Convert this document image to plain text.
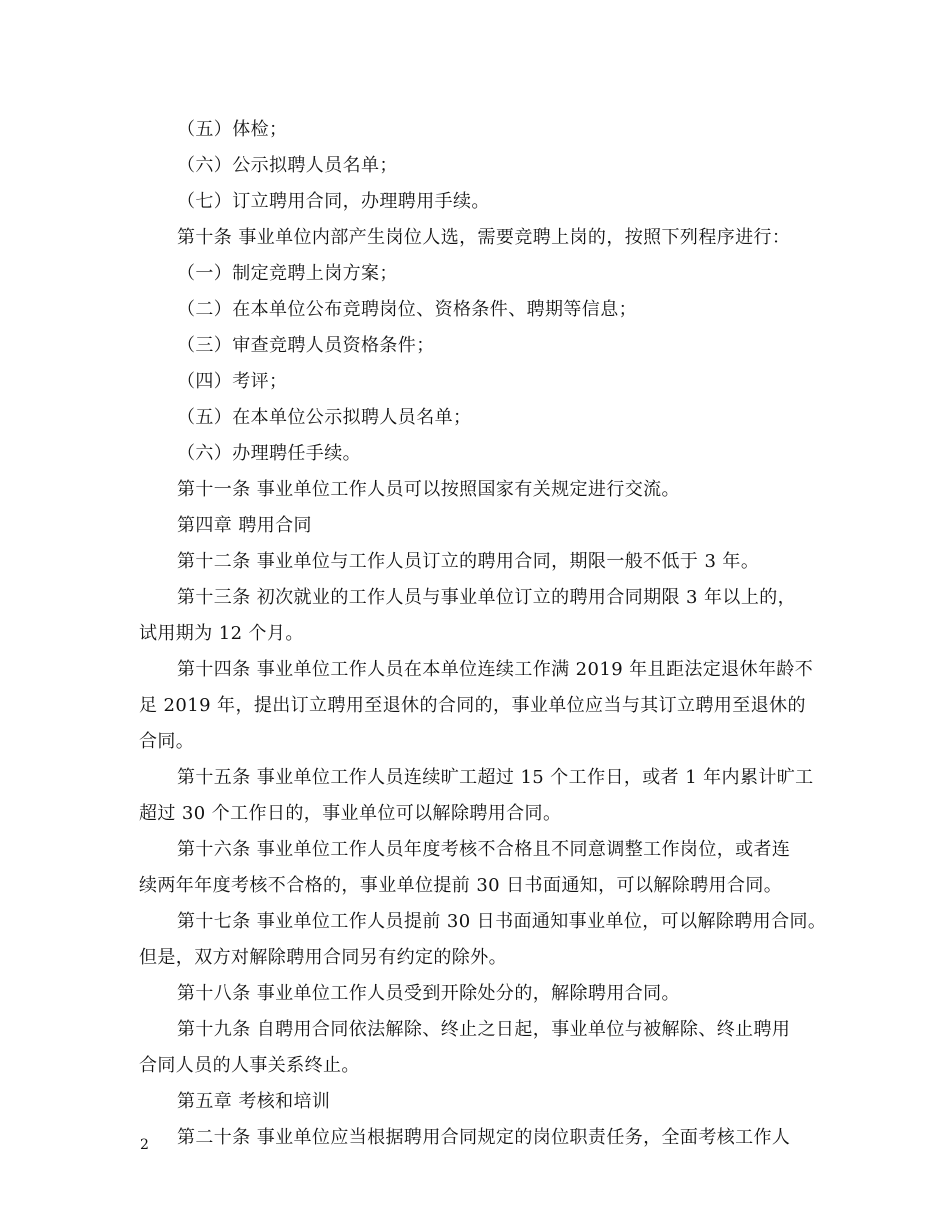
（五）体检；
（六）公示拟聘人员名单；
（七）订立聘用合同，办理聘用手续。
第十条 事业单位内部产生岗位人选，需要竞聘上岗的，按照下列程序进行：
（一）制定竞聘上岗方案；
（二）在本单位公布竞聘岗位、资格条件、聘期等信息；
（三）审查竞聘人员资格条件；
（四）考评；
（五）在本单位公示拟聘人员名单；
（六）办理聘任手续。
第十一条 事业单位工作人员可以按照国家有关规定进行交流。
第四章 聘用合同
第十二条 事业单位与工作人员订立的聘用合同，期限一般不低于 3 年。
第十三条 初次就业的工作人员与事业单位订立的聘用合同期限 3 年以上的，
试用期为 12 个月。
第十四条 事业单位工作人员在本单位连续工作满 2019 年且距法定退休年龄不
足 2019 年，提出订立聘用至退休的合同的，事业单位应当与其订立聘用至退休的
合同。
第十五条 事业单位工作人员连续旷工超过 15 个工作日，或者 1 年内累计旷工
超过 30 个工作日的，事业单位可以解除聘用合同。
第十六条 事业单位工作人员年度考核不合格且不同意调整工作岗位，或者连
续两年年度考核不合格的，事业单位提前 30 日书面通知，可以解除聘用合同。
第十七条 事业单位工作人员提前 30 日书面通知事业单位，可以解除聘用合同。
但是，双方对解除聘用合同另有约定的除外。
第十八条 事业单位工作人员受到开除处分的，解除聘用合同。
第十九条 自聘用合同依法解除、终止之日起，事业单位与被解除、终止聘用
合同人员的人事关系终止。
第五章 考核和培训
第二十条 事业单位应当根据聘用合同规定的岗位职责任务，全面考核工作人
2
